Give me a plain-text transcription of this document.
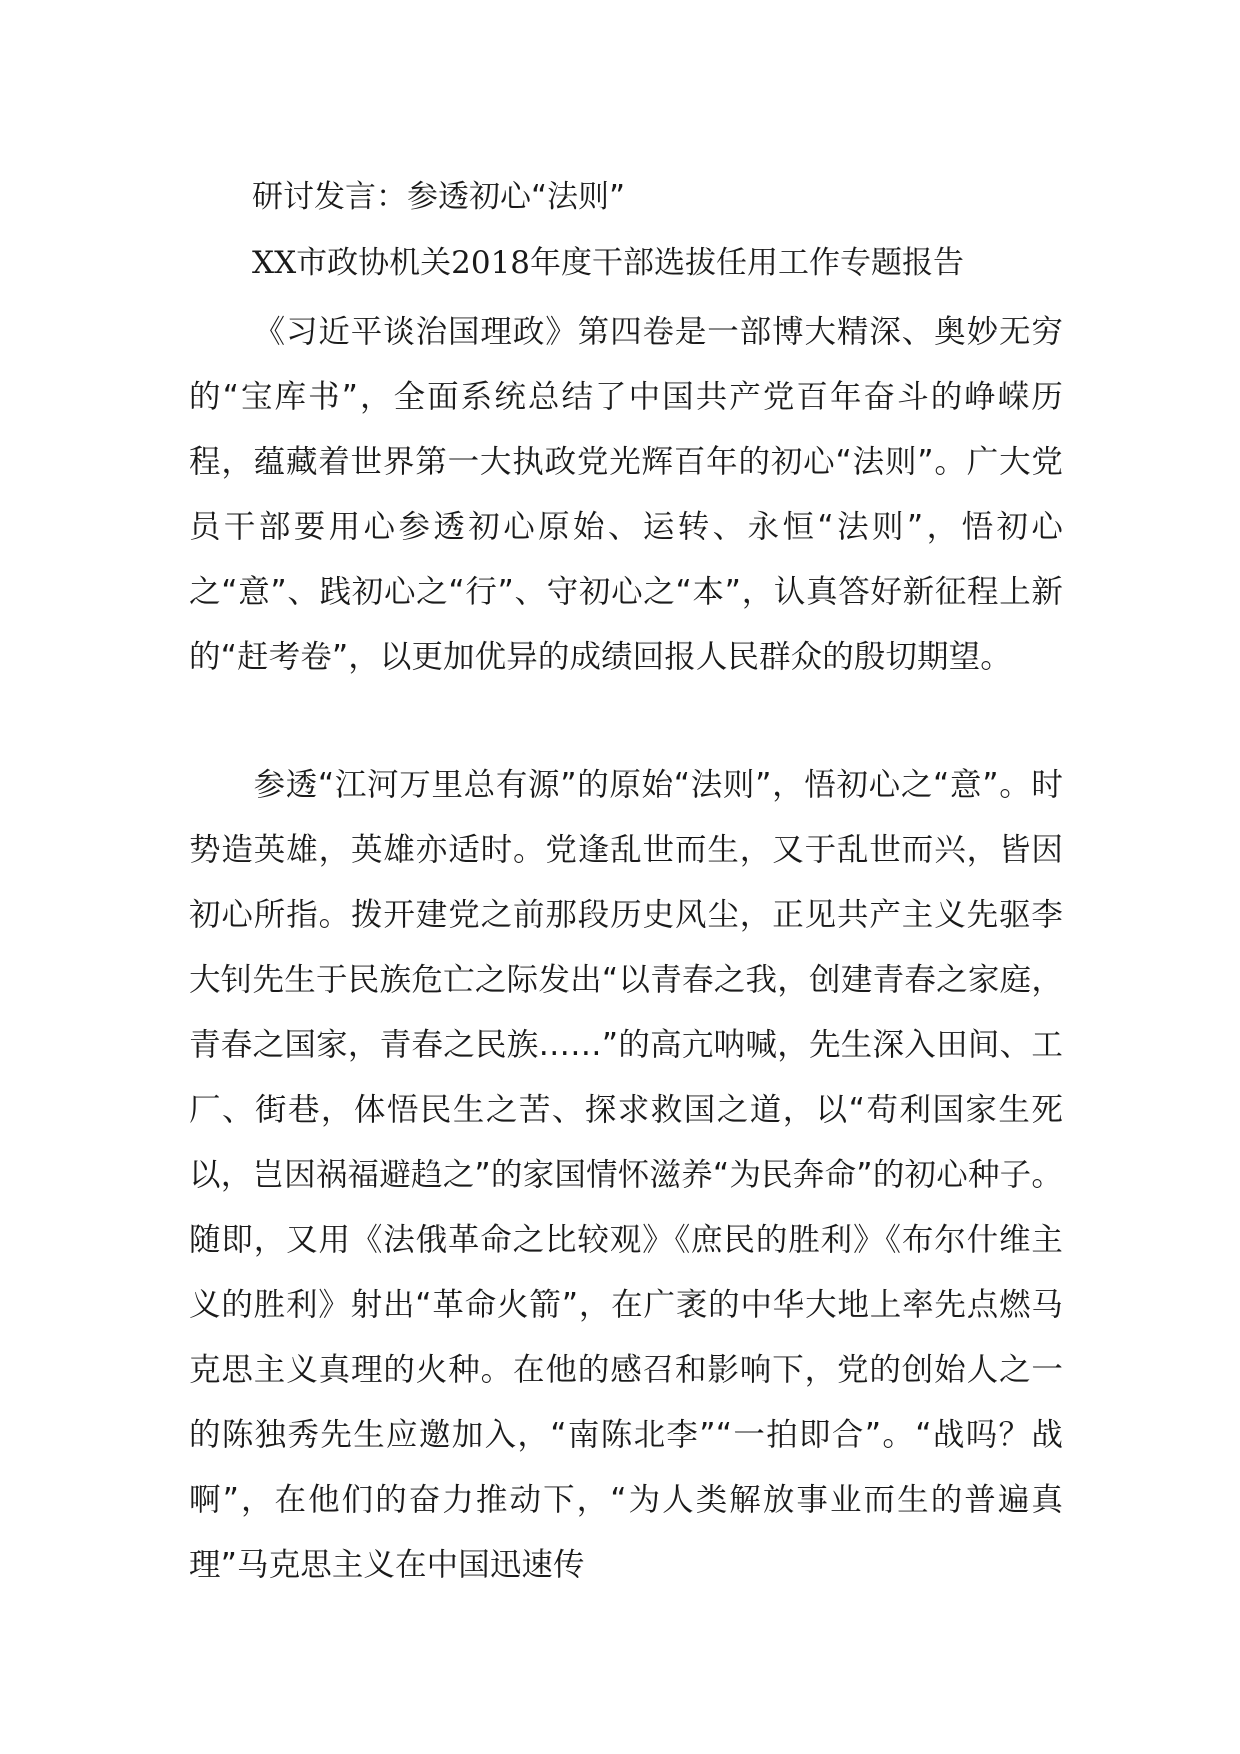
研讨发言：参透初心“法则”
XX市政协机关2018年度干部选拔任用工作专题报告

《习近平谈治国理政》第四卷是一部博大精深、奥妙无穷的“宝库书”，全面系统总结了中国共产党百年奋斗的峥嵘历程，蕴藏着世界第一大执政党光辉百年的初心“法则”。广大党员干部要用心参透初心原始、运转、永恒“法则”，悟初心之“意”、践初心之“行”、守初心之“本”，认真答好新征程上新的“赶考卷”，以更加优异的成绩回报人民群众的殷切期望。

参透“江河万里总有源”的原始“法则”，悟初心之“意”。时势造英雄，英雄亦适时。党逢乱世而生，又于乱世而兴，皆因初心所指。拨开建党之前那段历史风尘，正见共产主义先驱李大钊先生于民族危亡之际发出“以青春之我，创建青春之家庭，青春之国家，青春之民族……”的高亢呐喊，先生深入田间、工厂、街巷，体悟民生之苦、探求救国之道，以“苟利国家生死以，岂因祸福避趋之”的家国情怀滋养“为民奔命”的初心种子。随即，又用《法俄革命之比较观》《庶民的胜利》《布尔什维主义的胜利》射出“革命火箭”，在广袤的中华大地上率先点燃马克思主义真理的火种。在他的感召和影响下，党的创始人之一的陈独秀先生应邀加入，“南陈北李”“一拍即合”。“战吗？战啊”，在他们的奋力推动下，“为人类解放事业而生的普遍真理”马克思主义在中国迅速传
